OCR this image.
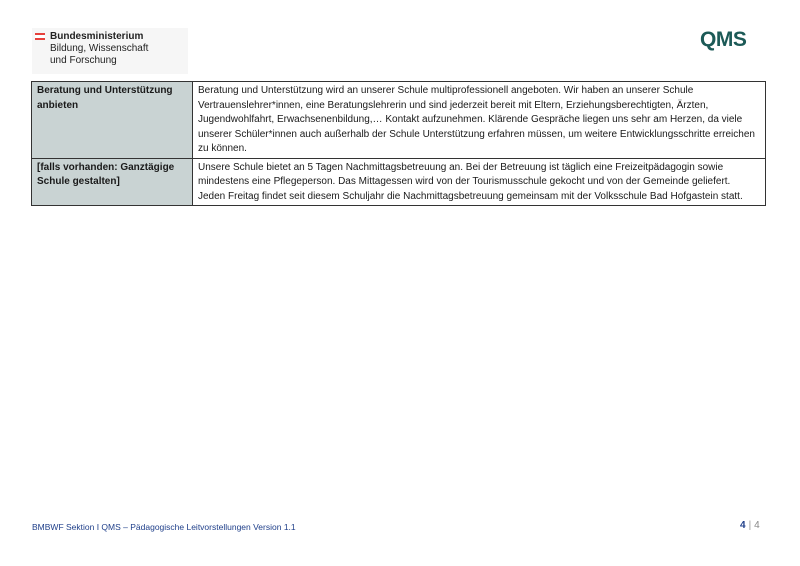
Bundesministerium
Bildung, Wissenschaft
und Forschung
QMS
Beratung und Unterstützung anbieten	Beratung und Unterstützung wird an unserer Schule multiprofessionell angeboten. Wir haben an unserer Schule Vertrauenslehrer*innen, eine Beratungslehrerin und sind jederzeit bereit mit Eltern, Erziehungsberechtigten, Ärzten, Jugendwohlfahrt, Erwachsenenbildung,… Kontakt aufzunehmen. Klärende Gespräche liegen uns sehr am Herzen, da viele unserer Schüler*innen auch außerhalb der Schule Unterstützung erfahren müssen, um weitere Entwicklungsschritte erreichen zu können.
[falls vorhanden: Ganztägige Schule gestalten]	Unsere Schule bietet an 5 Tagen Nachmittagsbetreuung an. Bei der Betreuung ist täglich eine Freizeitpädagogin sowie mindestens eine Pflegeperson. Das Mittagessen wird von der Tourismusschule gekocht und von der Gemeinde geliefert. Jeden Freitag findet seit diesem Schuljahr die Nachmittagsbetreuung gemeinsam mit der Volksschule Bad Hofgastein statt.
BMBWF Sektion I QMS – Pädagogische Leitvorstellungen Version 1.1	4 | 4
